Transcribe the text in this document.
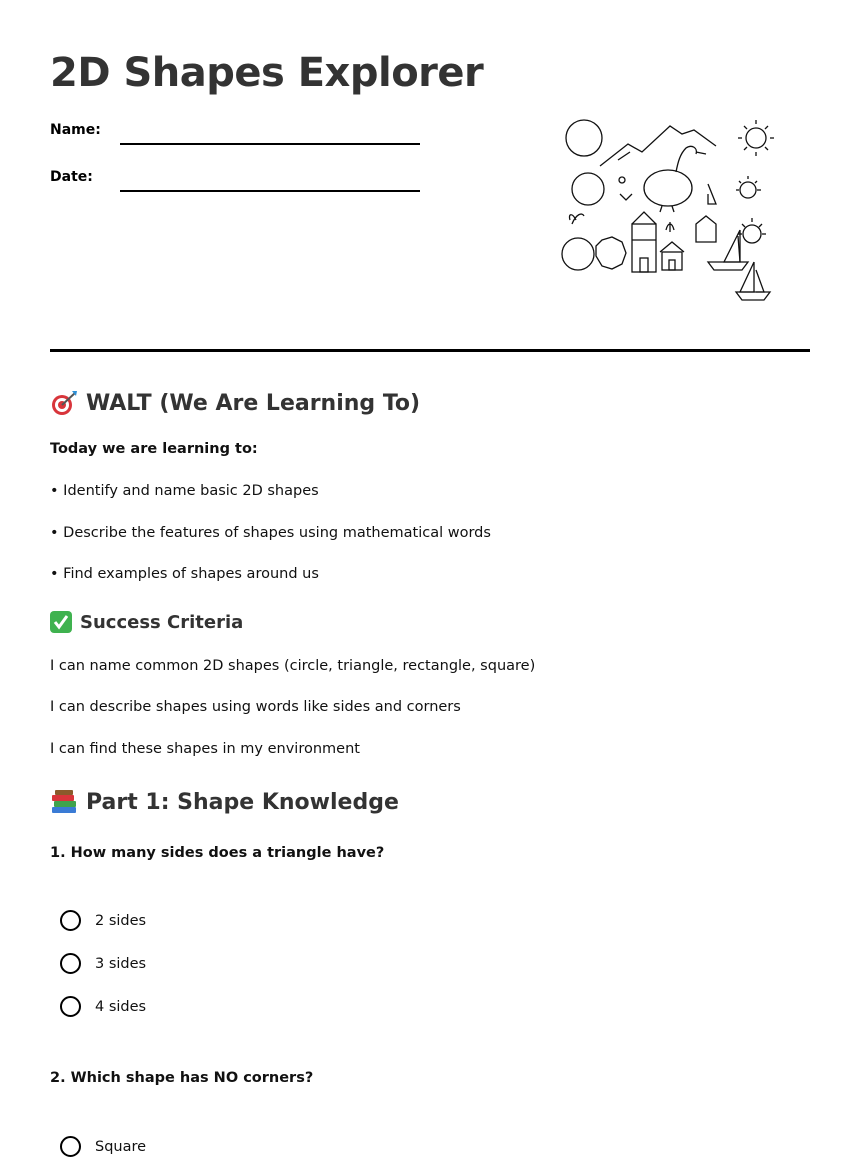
2D Shapes Explorer
Name:
Date:
WALT (We Are Learning To)
Today we are learning to:
• Identify and name basic 2D shapes
• Describe the features of shapes using mathematical words
• Find examples of shapes around us
Success Criteria
I can name common 2D shapes (circle, triangle, rectangle, square)
I can describe shapes using words like sides and corners
I can find these shapes in my environment
Part 1: Shape Knowledge
1. How many sides does a triangle have?
2 sides
3 sides
4 sides
2. Which shape has NO corners?
Square
